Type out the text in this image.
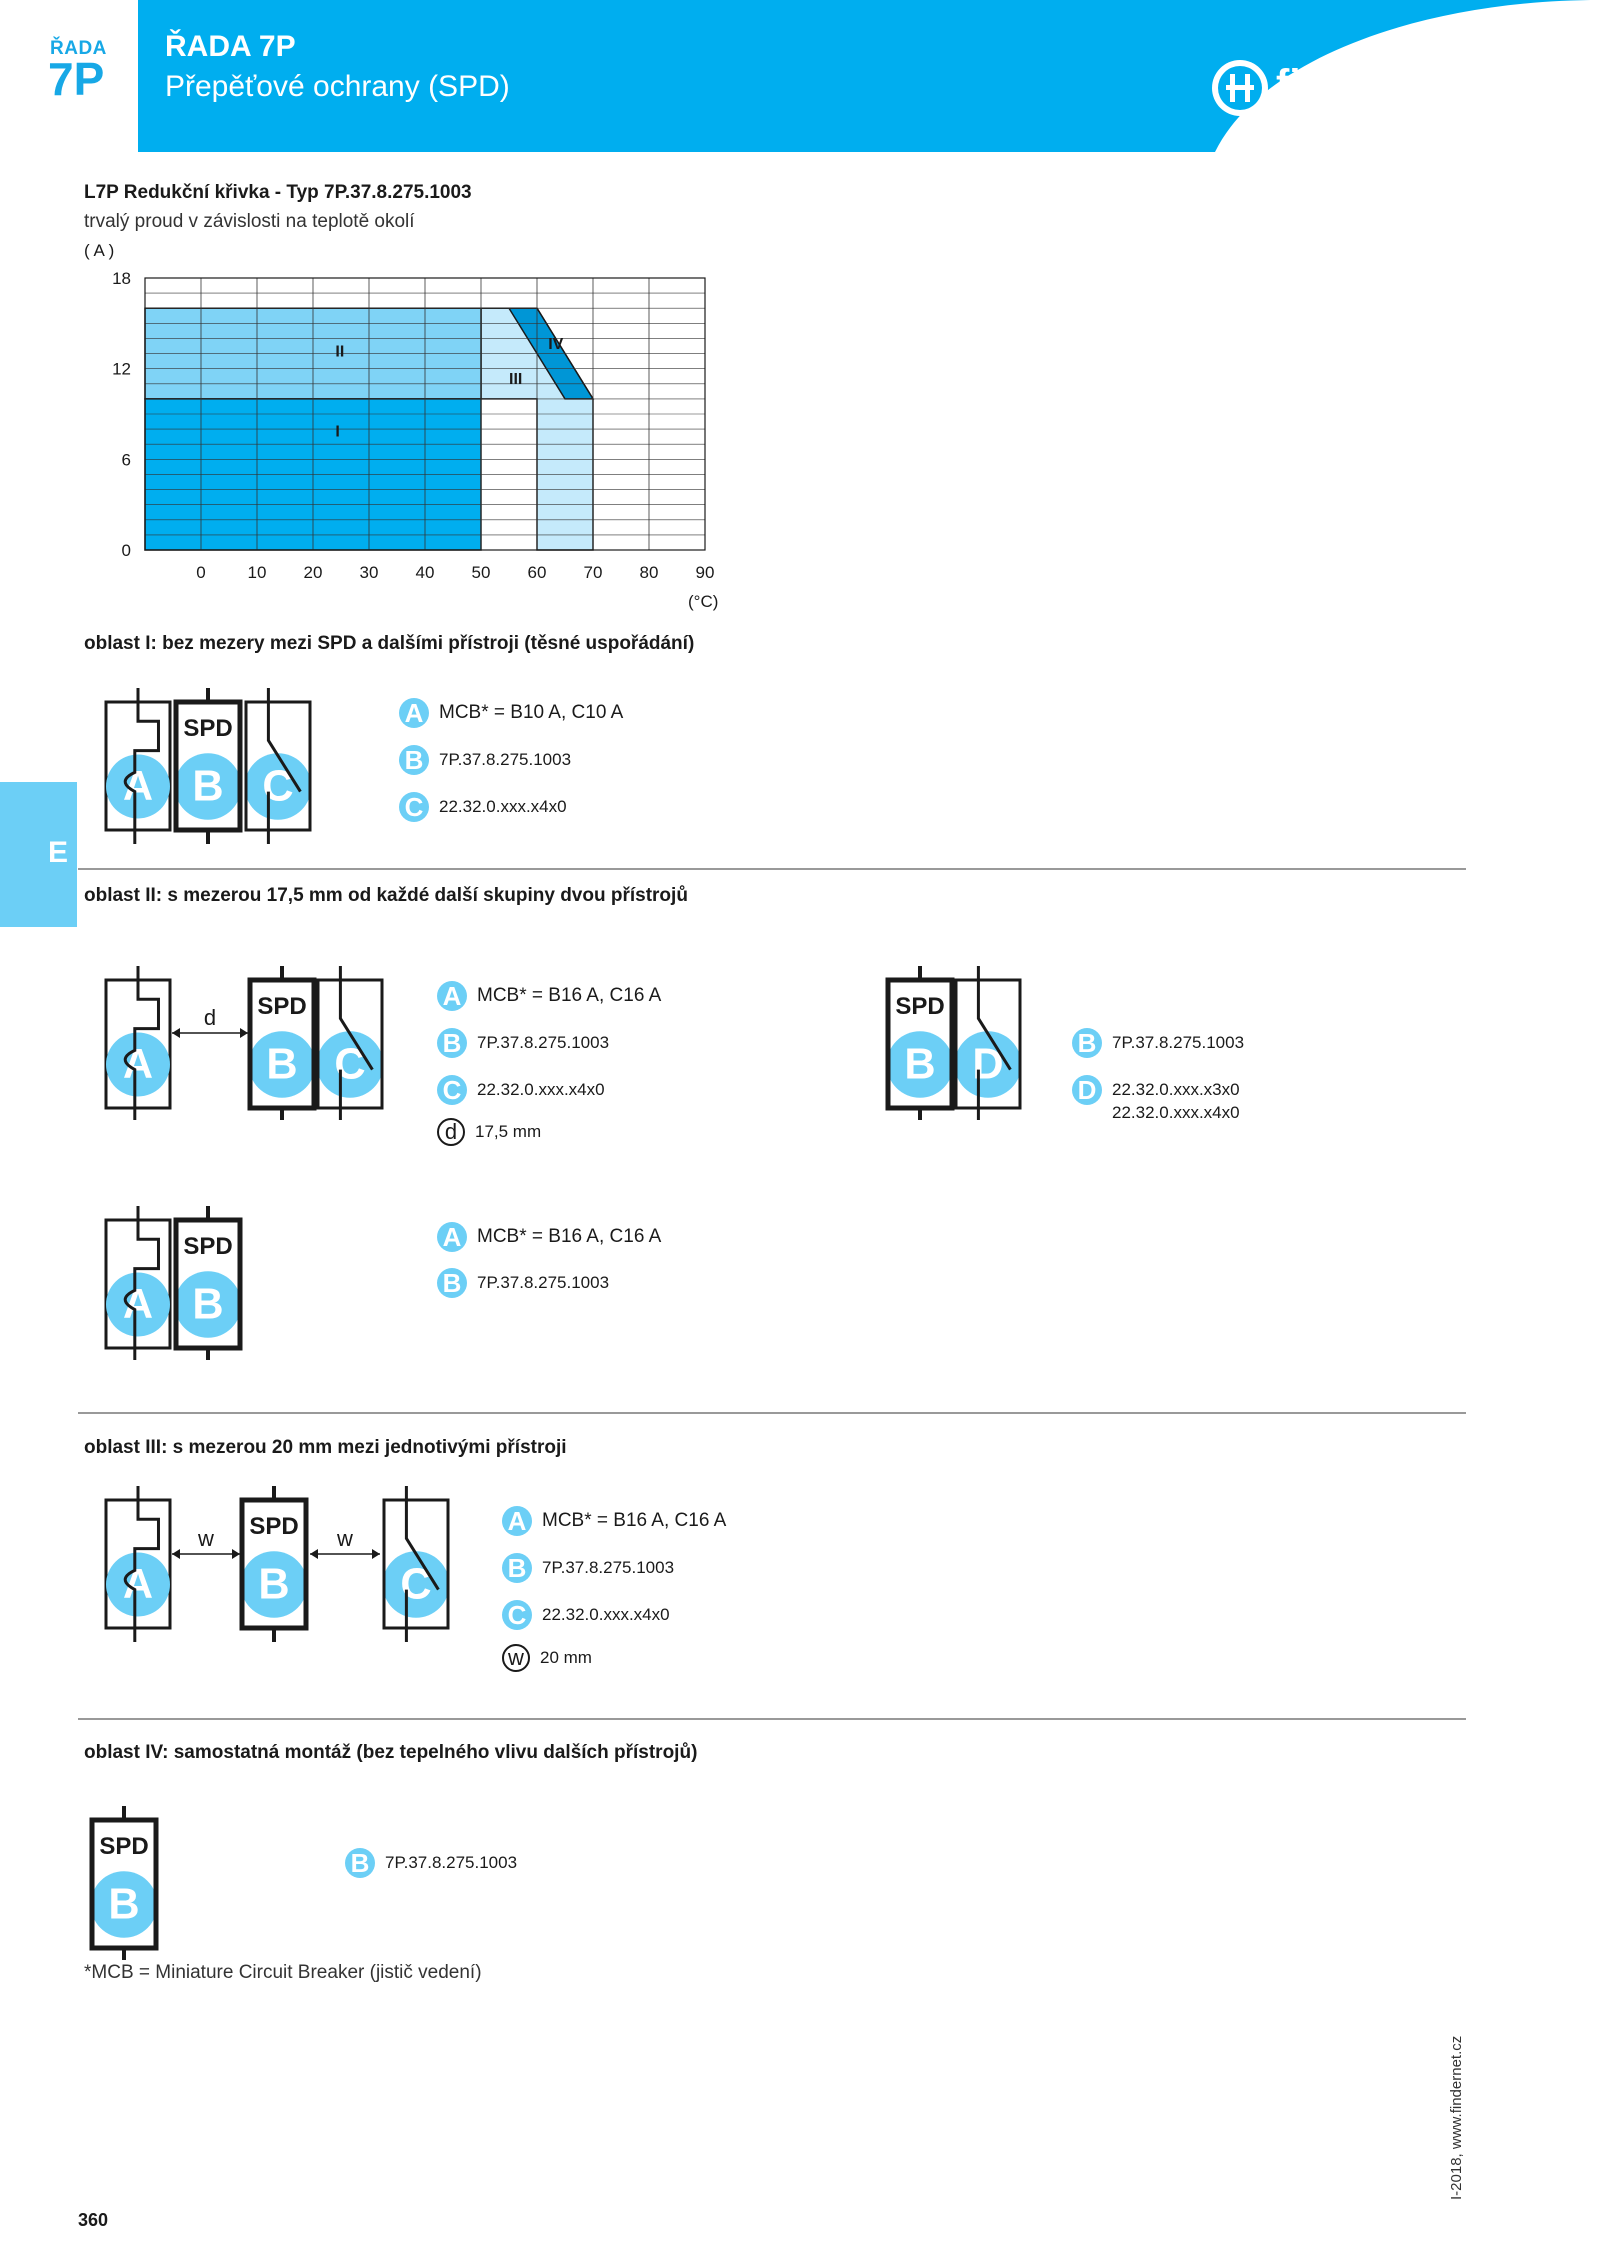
ŘADA
7P
ŘADA 7P
Přepěťové ochrany (SPD)	finder
L7P Redukční křivka - Typ 7P.37.8.275.1003
trvalý proud v závislosti na teplotě okolí
( A )
(°C)
I
II
III
IV
0 10 20 30 40 50 60 70 80 90
18
12
6
0
E
oblast I: bez mezery mezi SPD a dalšími přístroji (těsné uspořádání)
A B
SPD
C
A MCB* = B10 A, C10 A
B 7P.37.8.275.1003
C 22.32.0.xxx.x4x0
oblast II: s mezerou 17,5 mm od každé další skupiny dvou přístrojů
A
d
B
SPD
C
A MCB* = B16 A, C16 A
B 7P.37.8.275.1003
C 22.32.0.xxx.x4x0
d	17,5 mm
B
SPD
D	B 7P.37.8.275.1003
D 22.32.0.xxx.x3x0
22.32.0.xxx.x4x0
A B
SPD	A MCB* = B16 A, C16 A
B 7P.37.8.275.1003
oblast III: s mezerou 20 mm mezi jednotivými přístroji
A
w
B
SPD w
C
A MCB* = B16 A, C16 A
B 7P.37.8.275.1003
C 22.32.0.xxx.x4x0
w 20 mm
oblast IV: samostatná montáž (bez tepelného vlivu dalších přístrojů)
B
SPD
B 7P.37.8.275.1003
*MCB = Miniature Circuit Breaker (jistič vedení)
I-2018, www.findernet.cz
360
